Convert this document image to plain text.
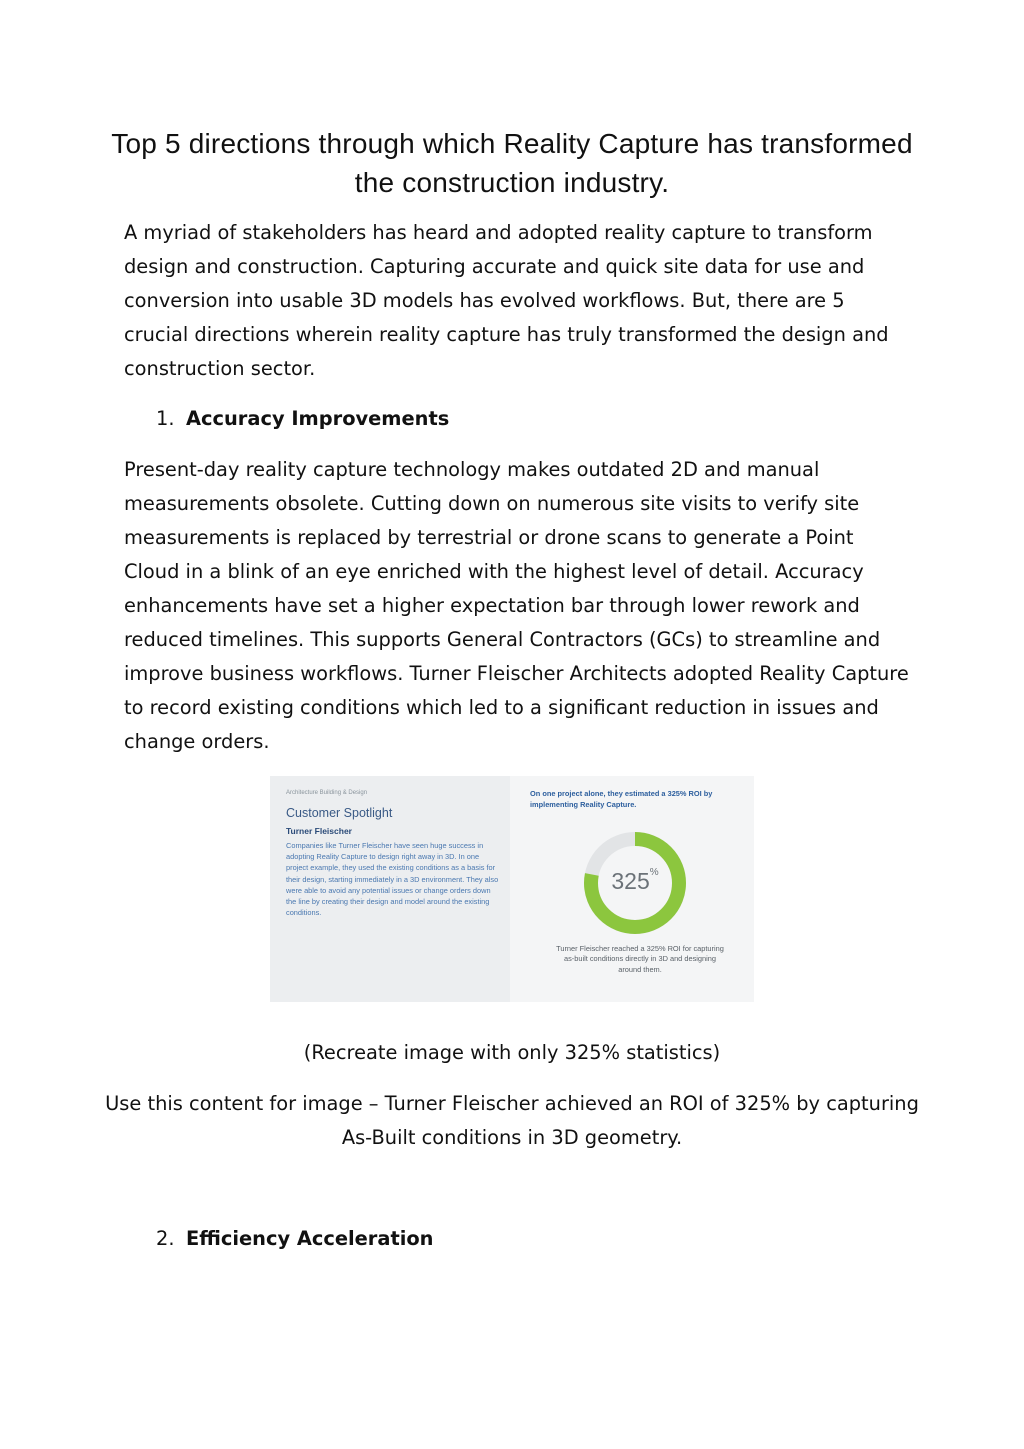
Top 5 directions through which Reality Capture has transformed the construction industry.

A myriad of stakeholders has heard and adopted reality capture to transform design and construction. Capturing accurate and quick site data for use and conversion into usable 3D models has evolved workflows. But, there are 5 crucial directions wherein reality capture has truly transformed the design and construction sector.

1. Accuracy Improvements

Present-day reality capture technology makes outdated 2D and manual measurements obsolete. Cutting down on numerous site visits to verify site measurements is replaced by terrestrial or drone scans to generate a Point Cloud in a blink of an eye enriched with the highest level of detail. Accuracy enhancements have set a higher expectation bar through lower rework and reduced timelines. This supports General Contractors (GCs) to streamline and improve business workflows. Turner Fleischer Architects adopted Reality Capture to record existing conditions which led to a significant reduction in issues and change orders.

Architecture Building & Design

Customer Spotlight

Turner Fleischer

Companies like Turner Fleischer have seen huge success in adopting Reality Capture to design right away in 3D. In one project example, they used the existing conditions as a basis for their design, starting immediately in a 3D environment. They also were able to avoid any potential issues or change orders down the line by creating their design and model around the existing conditions.

On one project alone, they estimated a 325% ROI by implementing Reality Capture.

325%

Turner Fleischer reached a 325% ROI for capturing as-built conditions directly in 3D and designing around them.

(Recreate image with only 325% statistics)

Use this content for image – Turner Fleischer achieved an ROI of 325% by capturing As-Built conditions in 3D geometry.

2. Efficiency Acceleration
